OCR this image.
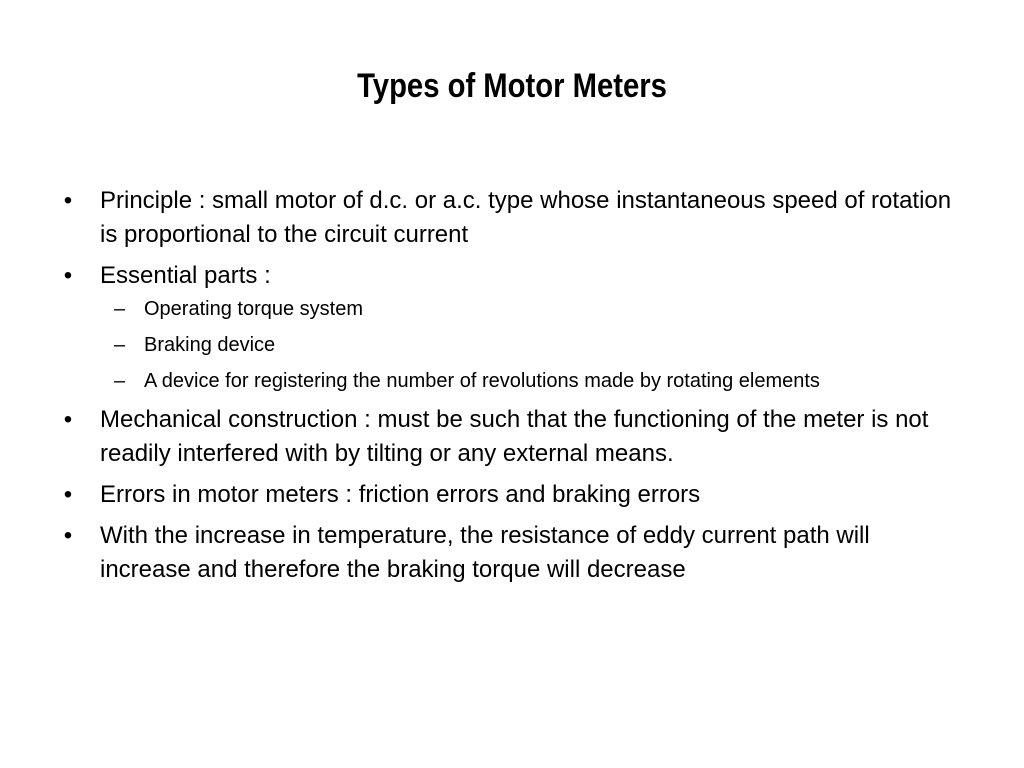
Types of Motor Meters
• Principle : small motor of d.c. or a.c. type whose instantaneous speed of rotation is proportional to the circuit current
• Essential parts :
– Operating torque system
– Braking device
– A device for registering the number of revolutions made by rotating elements
• Mechanical construction : must be such that the functioning of the meter is not readily interfered with by tilting or any external means.
• Errors in motor meters : friction errors and braking errors
• With the increase in temperature, the resistance of eddy current path will increase and therefore the braking torque will decrease
